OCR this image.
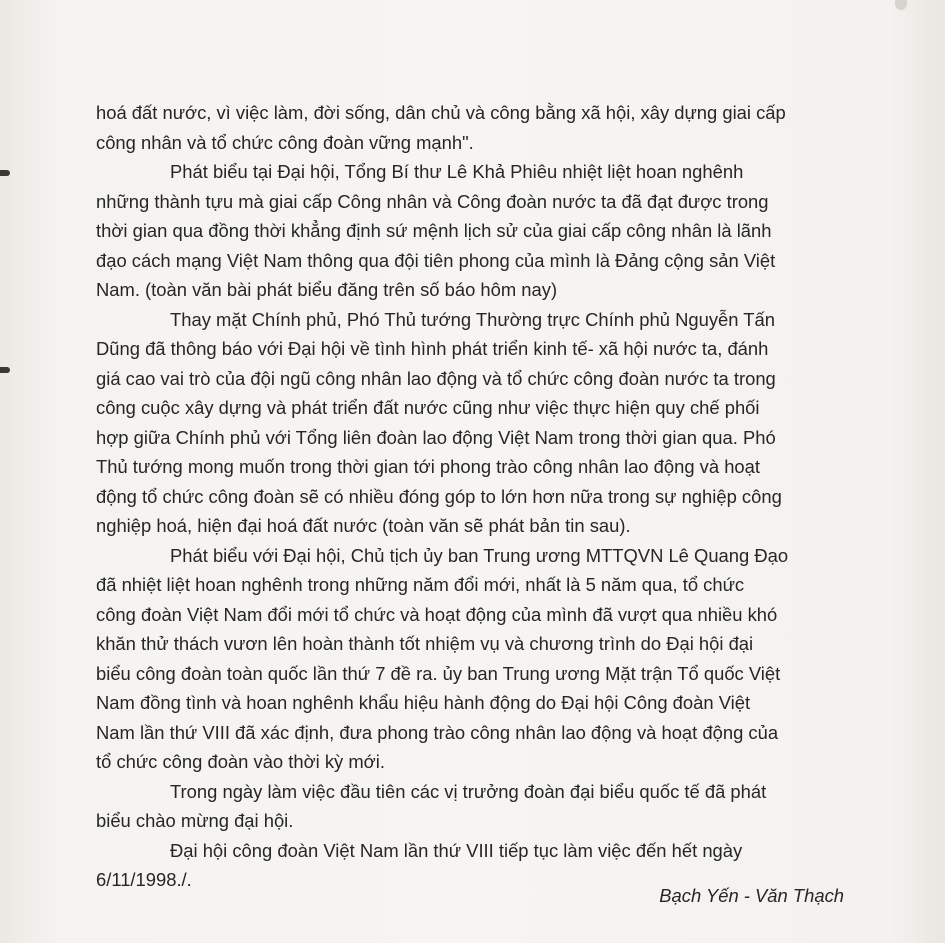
hoá đất nước, vì việc làm, đời sống, dân chủ và công bằng xã hội, xây dựng giai cấp
công nhân và tổ chức công đoàn vững mạnh".

Phát biểu tại Đại hội, Tổng Bí thư Lê Khả Phiêu nhiệt liệt hoan nghênh
những thành tựu mà giai cấp Công nhân và Công đoàn nước ta đã đạt được trong
thời gian qua đồng thời khẳng định sứ mệnh lịch sử của giai cấp công nhân là lãnh
đạo cách mạng Việt Nam thông qua đội tiên phong của mình là Đảng cộng sản Việt
Nam. (toàn văn bài phát biểu đăng trên số báo hôm nay)

Thay mặt Chính phủ, Phó Thủ tướng Thường trực Chính phủ Nguyễn Tấn
Dũng đã thông báo với Đại hội về tình hình phát triển kinh tế- xã hội nước ta, đánh
giá cao vai trò của đội ngũ công nhân lao động và tổ chức công đoàn nước ta trong
công cuộc xây dựng và phát triển đất nước cũng như việc thực hiện quy chế phối
hợp giữa Chính phủ với Tổng liên đoàn lao động Việt Nam trong thời gian qua. Phó
Thủ tướng mong muốn trong thời gian tới phong trào công nhân lao động và hoạt
động tổ chức công đoàn sẽ có nhiều đóng góp to lớn hơn nữa trong sự nghiệp công
nghiệp hoá, hiện đại hoá đất nước (toàn văn sẽ phát bản tin sau).

Phát biểu với Đại hội, Chủ tịch ủy ban Trung ương MTTQVN Lê Quang Đạo
đã nhiệt liệt hoan nghênh trong những năm đổi mới, nhất là 5 năm qua, tổ chức
công đoàn Việt Nam đổi mới tổ chức và hoạt động của mình đã vượt qua nhiều khó
khăn thử thách vươn lên hoàn thành tốt nhiệm vụ và chương trình do Đại hội đại
biểu công đoàn toàn quốc lần thứ 7 đề ra. ủy ban Trung ương Mặt trận Tổ quốc Việt
Nam đồng tình và hoan nghênh khẩu hiệu hành động do Đại hội Công đoàn Việt
Nam lần thứ VIII đã xác định, đưa phong trào công nhân lao động và hoạt động của
tổ chức công đoàn vào thời kỳ mới.

Trong ngày làm việc đầu tiên các vị trưởng đoàn đại biểu quốc tế đã phát
biểu chào mừng đại hội.

Đại hội công đoàn Việt Nam lần thứ VIII tiếp tục làm việc đến hết ngày
6/11/1998./.

Bạch Yến - Văn Thạch
